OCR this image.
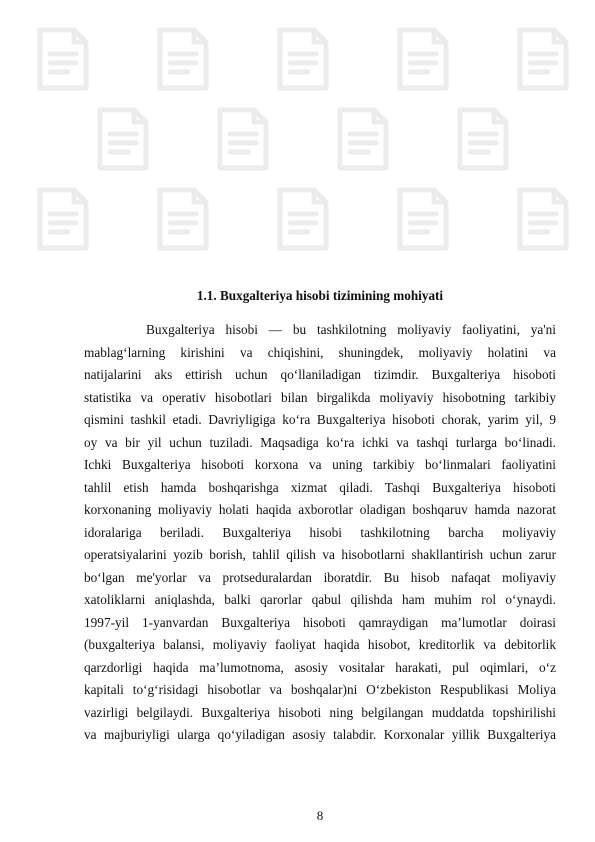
1.1. Buxgalteriya hisobi tizimining mohiyati
Buxgalteriya hisobi — bu tashkilotning moliyaviy faoliyatini, ya'ni
mablag‘larning kirishini va chiqishini, shuningdek, moliyaviy holatini va
natijalarini aks ettirish uchun qo‘llaniladigan tizimdir. Buxgalteriya hisoboti
statistika va operativ hisobotlari bilan birgalikda moliyaviy hisobotning tarkibiy
qismini tashkil etadi. Davriyligiga ko‘ra Buxgalteriya hisoboti chorak, yarim yil, 9
oy va bir yil uchun tuziladi. Maqsadiga ko‘ra ichki va tashqi turlarga bo‘linadi.
Ichki Buxgalteriya hisoboti korxona va uning tarkibiy bo‘linmalari faoliyatini
tahlil etish hamda boshqarishga xizmat qiladi. Tashqi Buxgalteriya hisoboti
korxonaning moliyaviy holati haqida axborotlar oladigan boshqaruv hamda nazorat
idoralariga beriladi. Buxgalteriya hisobi tashkilotning barcha moliyaviy
operatsiyalarini yozib borish, tahlil qilish va hisobotlarni shakllantirish uchun zarur
bo‘lgan me'yorlar va protseduralardan iboratdir. Bu hisob nafaqat moliyaviy
xatoliklarni aniqlashda, balki qarorlar qabul qilishda ham muhim rol o‘ynaydi.
1997-yil 1-yanvardan Buxgalteriya hisoboti qamraydigan ma’lumotlar doirasi
(buxgalteriya balansi, moliyaviy faoliyat haqida hisobot, kreditorlik va debitorlik
qarzdorligi haqida ma’lumotnoma, asosiy vositalar harakati, pul oqimlari, o‘z
kapitali to‘g‘risidagi hisobotlar va boshqalar)ni O‘zbekiston Respublikasi Moliya
vazirligi belgilaydi. Buxgalteriya hisoboti ning belgilangan muddatda topshirilishi
va majburiyligi ularga qo‘yiladigan asosiy talabdir. Korxonalar yillik Buxgalteriya
8
